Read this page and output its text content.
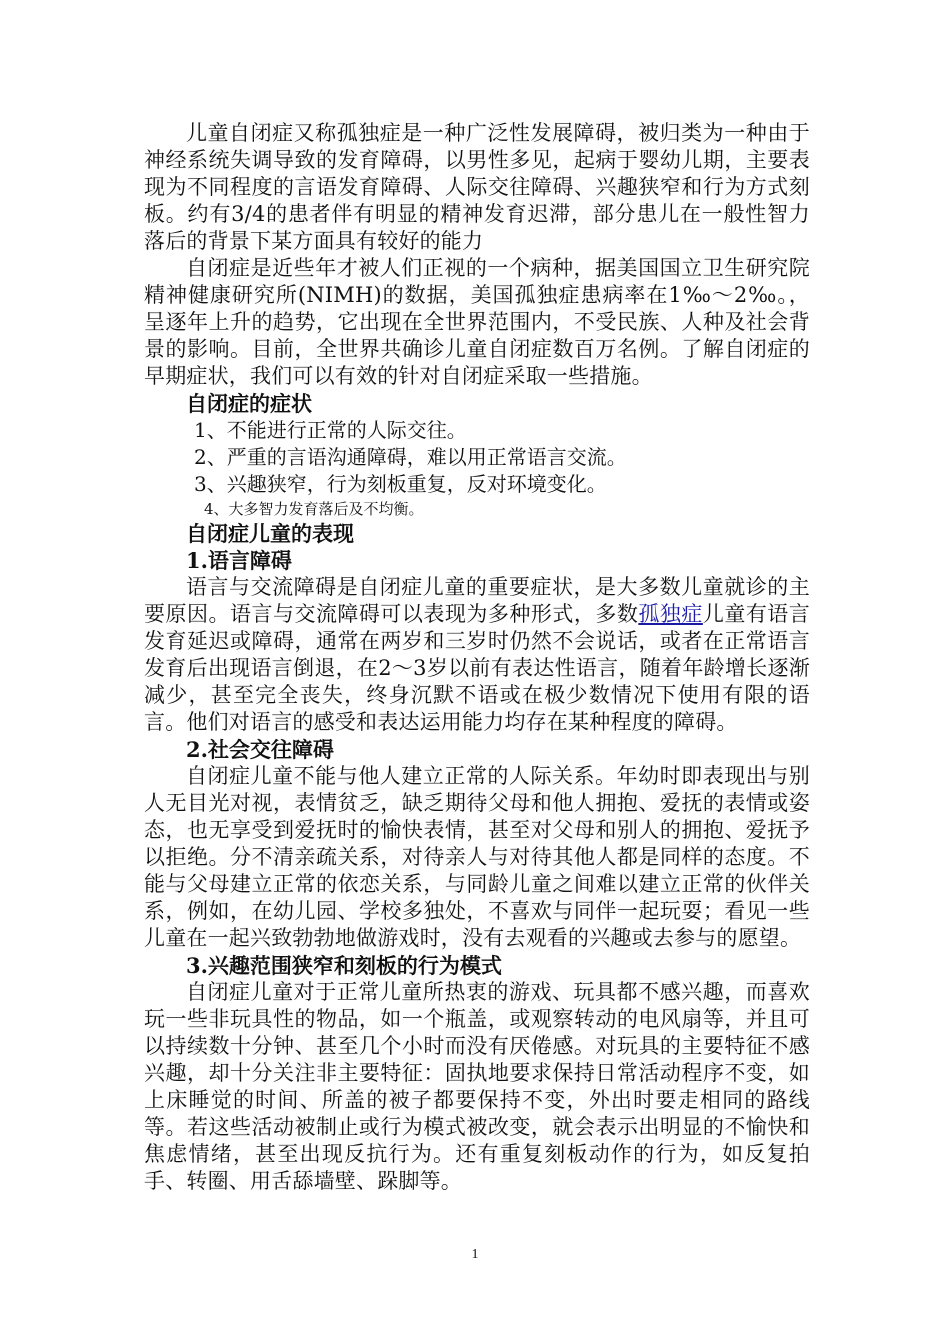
儿童自闭症又称孤独症是一种广泛性发展障碍，被归类为一种由于神经系统失调导致的发育障碍，以男性多见，起病于婴幼儿期，主要表现为不同程度的言语发育障碍、人际交往障碍、兴趣狭窄和行为方式刻板。约有3/4的患者伴有明显的精神发育迟滞，部分患儿在一般性智力落后的背景下某方面具有较好的能力

自闭症是近些年才被人们正视的一个病种，据美国国立卫生研究院精神健康研究所(NIMH)的数据，美国孤独症患病率在1‰～2‰。，呈逐年上升的趋势，它出现在全世界范围内，不受民族、人种及社会背景的影响。目前，全世界共确诊儿童自闭症数百万名例。了解自闭症的早期症状，我们可以有效的针对自闭症采取一些措施。

自闭症的症状

1、不能进行正常的人际交往。

2、严重的言语沟通障碍，难以用正常语言交流。

3、兴趣狭窄，行为刻板重复，反对环境变化。

4、大多智力发育落后及不均衡。

自闭症儿童的表现

1.语言障碍

语言与交流障碍是自闭症儿童的重要症状，是大多数儿童就诊的主要原因。语言与交流障碍可以表现为多种形式，多数孤独症儿童有语言发育延迟或障碍，通常在两岁和三岁时仍然不会说话，或者在正常语言发育后出现语言倒退，在2～3岁以前有表达性语言，随着年龄增长逐渐减少，甚至完全丧失，终身沉默不语或在极少数情况下使用有限的语言。他们对语言的感受和表达运用能力均存在某种程度的障碍。

2.社会交往障碍

自闭症儿童不能与他人建立正常的人际关系。年幼时即表现出与别人无目光对视，表情贫乏，缺乏期待父母和他人拥抱、爱抚的表情或姿态，也无享受到爱抚时的愉快表情，甚至对父母和别人的拥抱、爱抚予以拒绝。分不清亲疏关系，对待亲人与对待其他人都是同样的态度。不能与父母建立正常的依恋关系，与同龄儿童之间难以建立正常的伙伴关系，例如，在幼儿园、学校多独处，不喜欢与同伴一起玩耍；看见一些儿童在一起兴致勃勃地做游戏时，没有去观看的兴趣或去参与的愿望。

3.兴趣范围狭窄和刻板的行为模式

自闭症儿童对于正常儿童所热衷的游戏、玩具都不感兴趣，而喜欢玩一些非玩具性的物品，如一个瓶盖，或观察转动的电风扇等，并且可以持续数十分钟、甚至几个小时而没有厌倦感。对玩具的主要特征不感兴趣，却十分关注非主要特征：固执地要求保持日常活动程序不变，如上床睡觉的时间、所盖的被子都要保持不变，外出时要走相同的路线等。若这些活动被制止或行为模式被改变，就会表示出明显的不愉快和焦虑情绪，甚至出现反抗行为。还有重复刻板动作的行为，如反复拍手、转圈、用舌舔墙壁、跺脚等。

1
